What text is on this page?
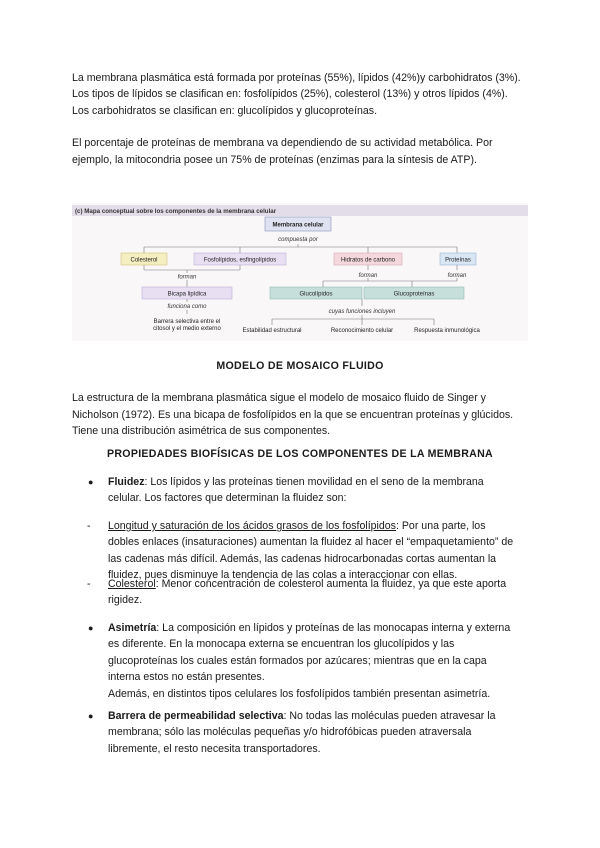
La membrana plasmática está formada por proteínas (55%), lípidos (42%)y carbohidratos (3%).

Los tipos de lípidos se clasifican en: fosfolípidos (25%), colesterol (13%) y otros lípidos (4%).

Los carbohidratos se clasifican en: glucolípidos y glucoproteínas.

El porcentaje de proteínas de membrana va dependiendo de su actividad metabólica. Por ejemplo, la mitocondria posee un 75% de proteínas (enzimas para la síntesis de ATP).

(c) Mapa conceptual sobre los componentes de la membrana celular
Membrana celular
compuesta por
Colesterol	Fosfolípidos, esfingolípidos	Hidratos de carbono	Proteínas
forman	forman	forman
Bicapa lipídica
funciona como
Barrera selectiva entre el
citosol y el medio externo
Glucolípidos	Glucoproteínas
cuyas funciones incluyen
Estabilidad estructural	Reconocimiento celular	Respuesta inmunológica

MODELO DE MOSAICO FLUIDO

La estructura de la membrana plasmática sigue el modelo de mosaico fluido de Singer y Nicholson (1972). Es una bicapa de fosfolípidos en la que se encuentran proteínas y glúcidos. Tiene una distribución asimétrica de sus componentes.

PROPIEDADES BIOFÍSICAS DE LOS COMPONENTES DE LA MEMBRANA

● Fluidez: Los lípidos y las proteínas tienen movilidad en el seno de la membrana celular. Los factores que determinan la fluidez son:
- Longitud y saturación de los ácidos grasos de los fosfolípidos: Por una parte, los dobles enlaces (insaturaciones) aumentan la fluidez al hacer el “empaquetamiento” de las cadenas más difícil. Además, las cadenas hidrocarbonadas cortas aumentan la fluidez, pues disminuye la tendencia de las colas a interaccionar con ellas.
- Colesterol: Menor concentración de colesterol aumenta la fluidez, ya que este aporta rigidez.
● Asimetría: La composición en lípidos y proteínas de las monocapas interna y externa es diferente. En la monocapa externa se encuentran los glucolípidos y las glucoproteínas los cuales están formados por azúcares; mientras que en la capa interna estos no están presentes.
Además, en distintos tipos celulares los fosfolípidos también presentan asimetría.
● Barrera de permeabilidad selectiva: No todas las moléculas pueden atravesar la membrana; sólo las moléculas pequeñas y/o hidrofóbicas pueden atraversala libremente, el resto necesita transportadores.
